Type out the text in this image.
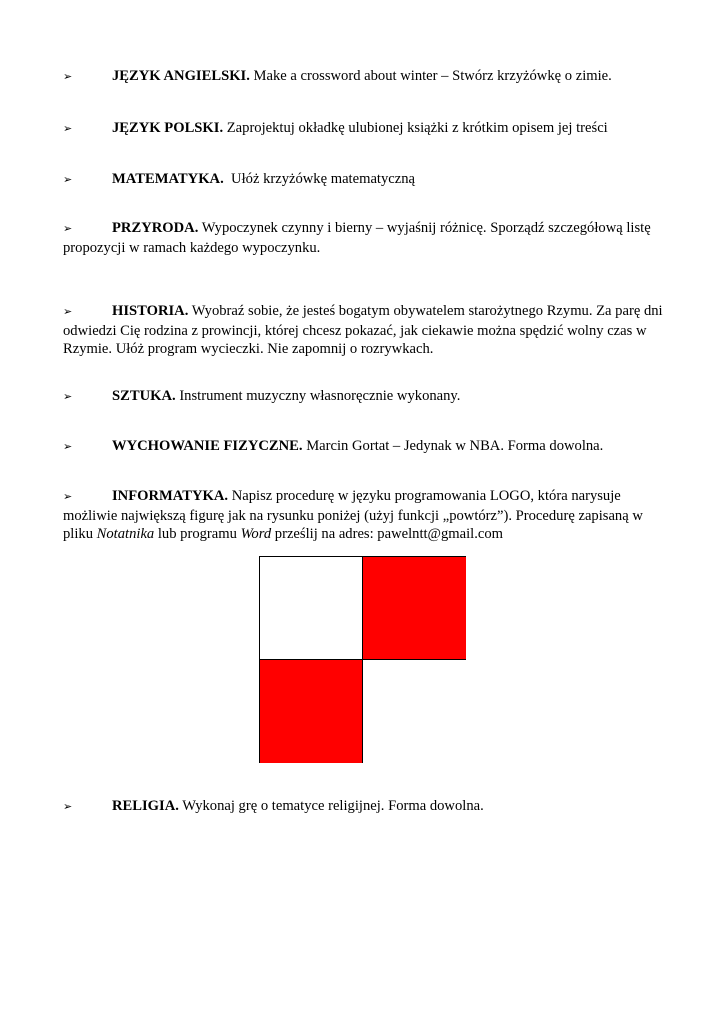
➢	JĘZYK ANGIELSKI. Make a crossword about winter – Stwórz krzyżówkę o zimie.
➢	JĘZYK POLSKI. Zaprojektuj okładkę ulubionej książki z krótkim opisem jej treści
➢	MATEMATYKA.  Ułóż krzyżówkę matematyczną
➢	PRZYRODA. Wypoczynek czynny i bierny – wyjaśnij różnicę. Sporządź szczegółową listę propozycji w ramach każdego wypoczynku.
➢	HISTORIA. Wyobraź sobie, że jesteś bogatym obywatelem starożytnego Rzymu. Za parę dni odwiedzi Cię rodzina z prowincji, której chcesz pokazać, jak ciekawie można spędzić wolny czas w Rzymie. Ułóż program wycieczki. Nie zapomnij o rozrywkach.
➢	SZTUKA. Instrument muzyczny własnoręcznie wykonany.
➢	WYCHOWANIE FIZYCZNE. Marcin Gortat – Jedynak w NBA. Forma dowolna.
➢	INFORMATYKA. Napisz procedurę w języku programowania LOGO, która narysuje możliwie największą figurę jak na rysunku poniżej (użyj funkcji „powtórz”). Procedurę zapisaną w pliku Notatnika lub programu Word prześlij na adres: pawelntt@gmail.com
➢	RELIGIA. Wykonaj grę o tematyce religijnej. Forma dowolna.
